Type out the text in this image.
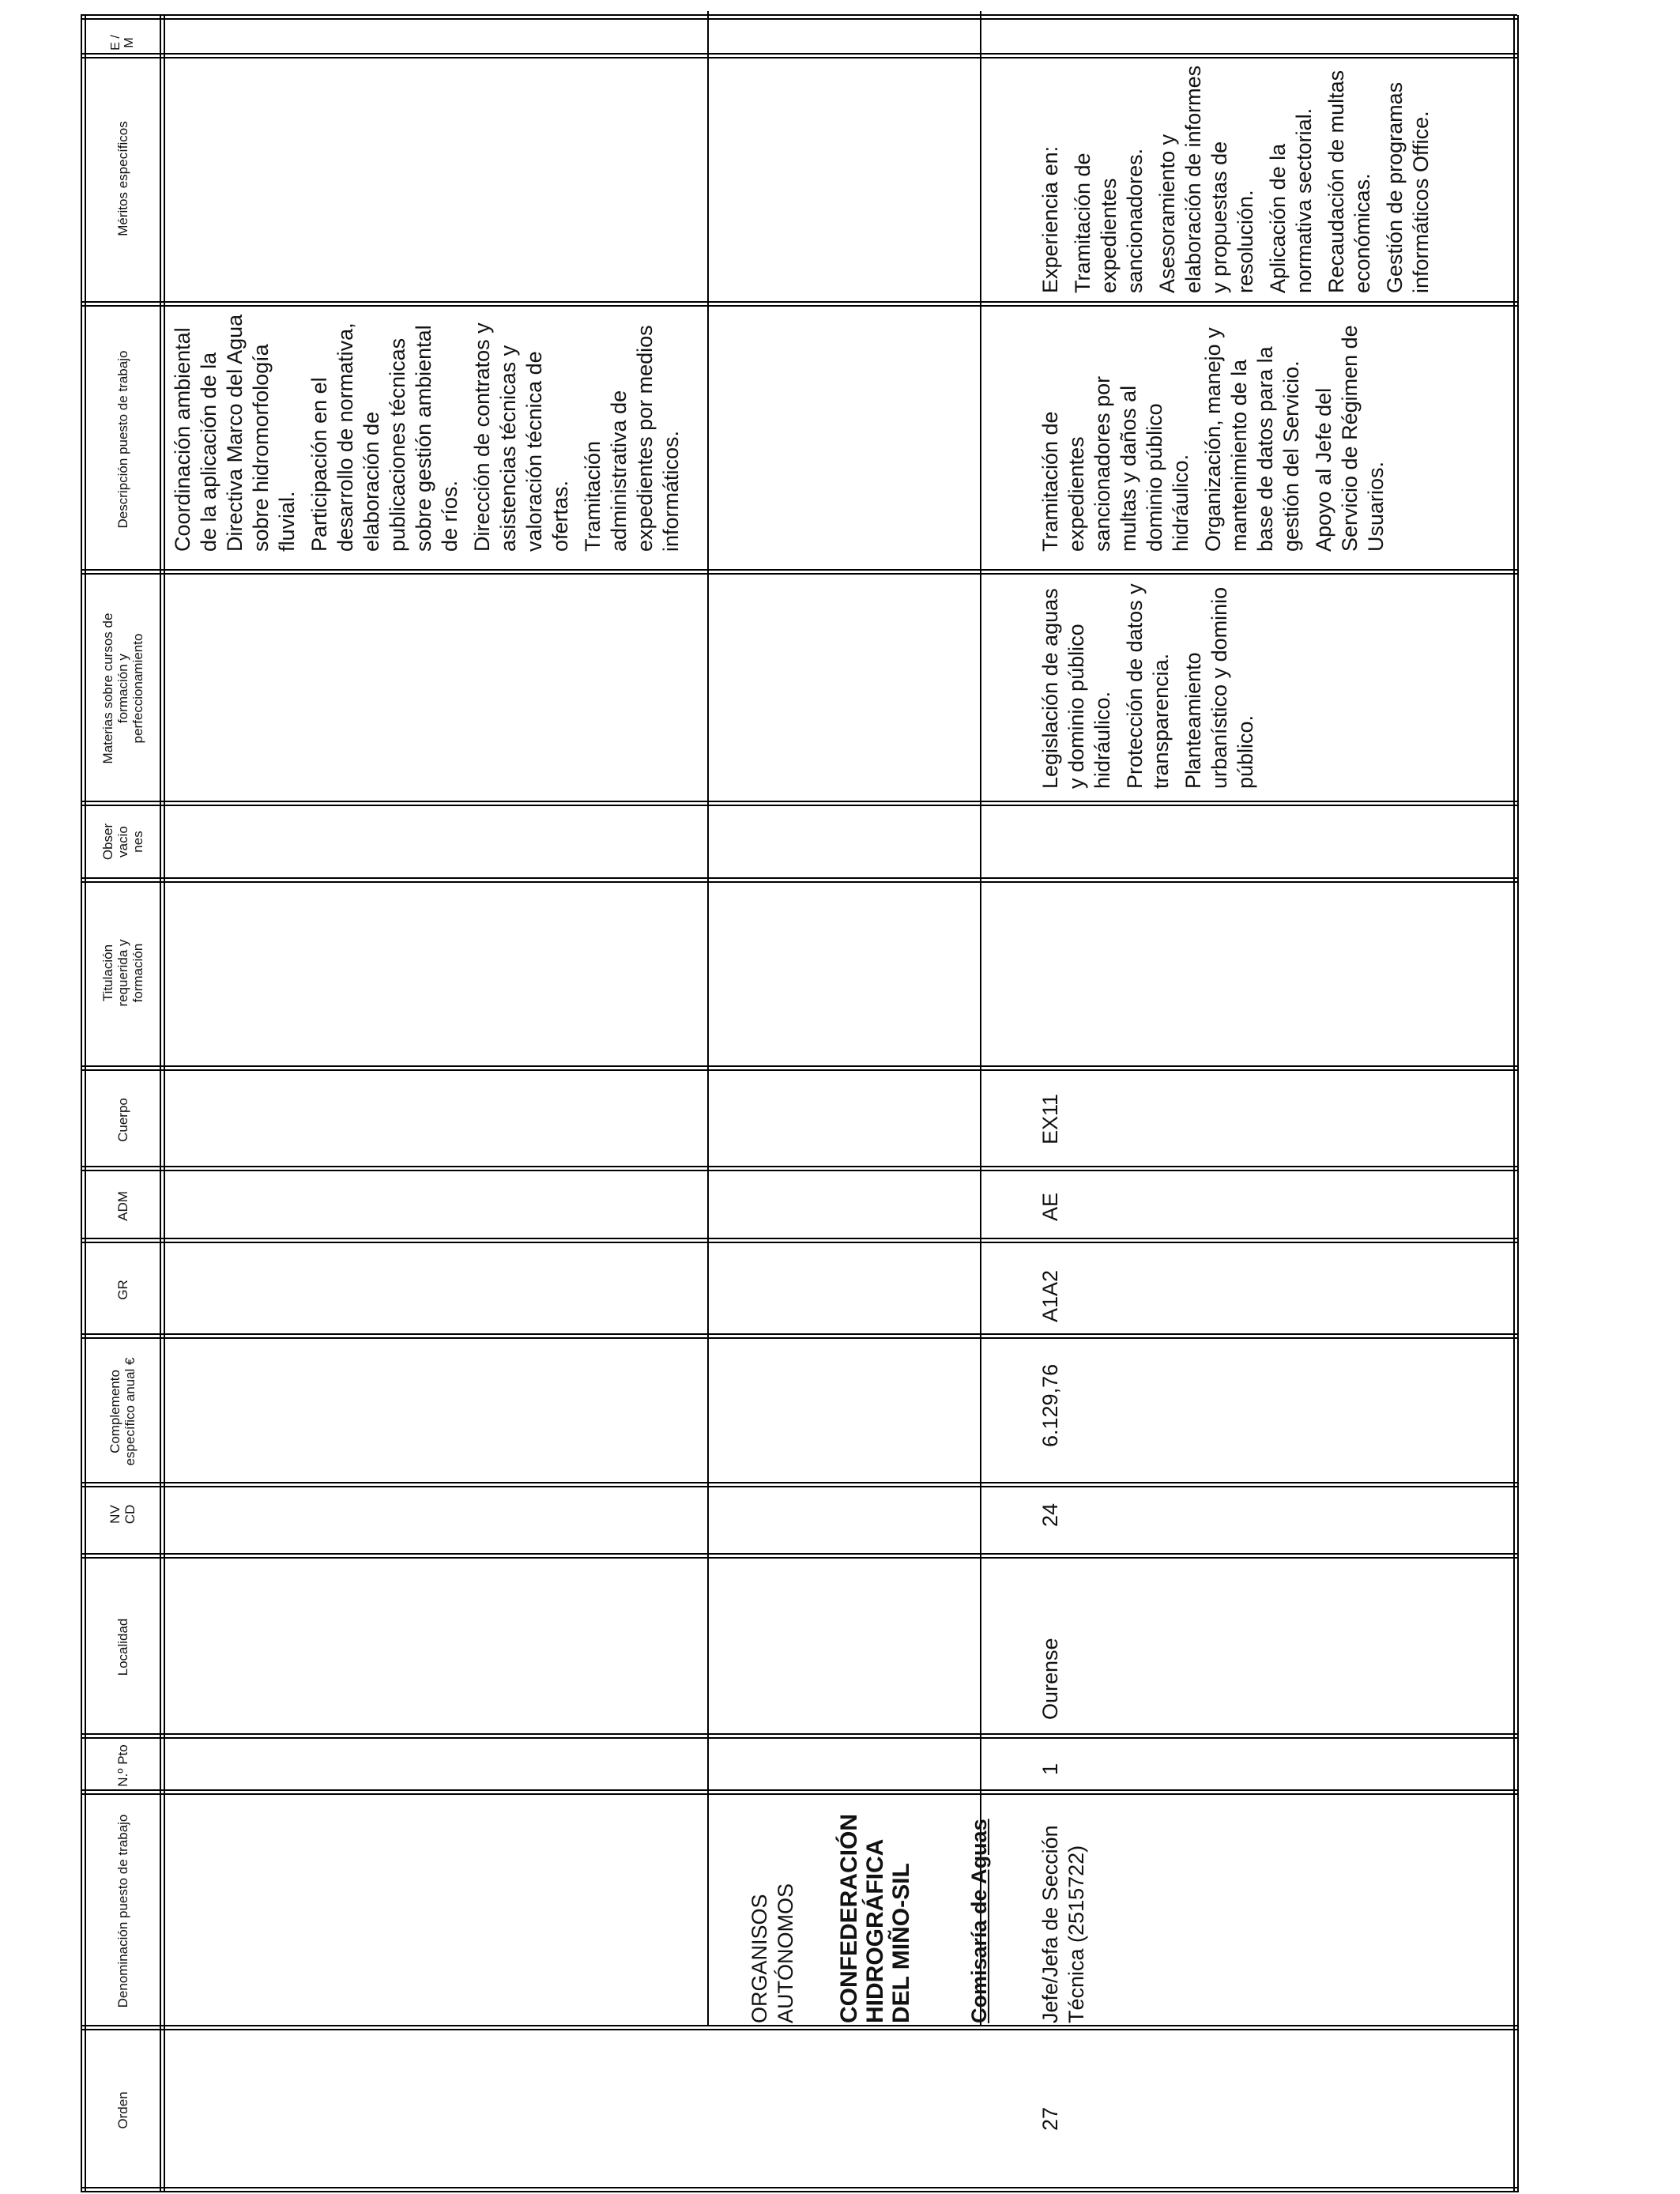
Orden
Denominación puesto de trabajo
N.º Pto
Localidad
NV CD
Complemento específico anual €
GR
ADM
Cuerpo
Titulación requerida y formación
Obser vacio nes
Materias sobre cursos de formación y perfeccionamiento
Descripción puesto de trabajo
Méritos específicos
E / M
ORGANISOS AUTÓNOMOS CONFEDERACIÓN HIDROGRÁFICA DEL MIÑO-SIL Comisaría de Aguas

Coordinación ambiental de la aplicación de la Directiva Marco del Agua sobre hidromorfología fluvial. Participación en el desarrollo de normativa, elaboración de publicaciones técnicas sobre gestión ambiental de ríos. Dirección de contratos y asistencias técnicas y valoración técnica de ofertas. Tramitación administrativa de expedientes por medios informáticos.

27
Jefe/Jefa de Sección Técnica (2515722)
1
Ourense
24
6.129,76
A1A2
AE
EX11

Legislación de aguas y dominio público hidráulico. Protección de datos y transparencia. Planteamiento urbanístico y dominio público.

Tramitación de expedientes sancionadores por multas y daños al dominio público hidráulico. Organización, manejo y mantenimiento de la base de datos para la gestión del Servicio. Apoyo al Jefe del Servicio de Régimen de Usuarios.

Experiencia en: Tramitación de expedientes sancionadores. Asesoramiento y elaboración de informes y propuestas de resolución. Aplicación de la normativa sectorial. Recaudación de multas económicas. Gestión de programas informáticos Office.
